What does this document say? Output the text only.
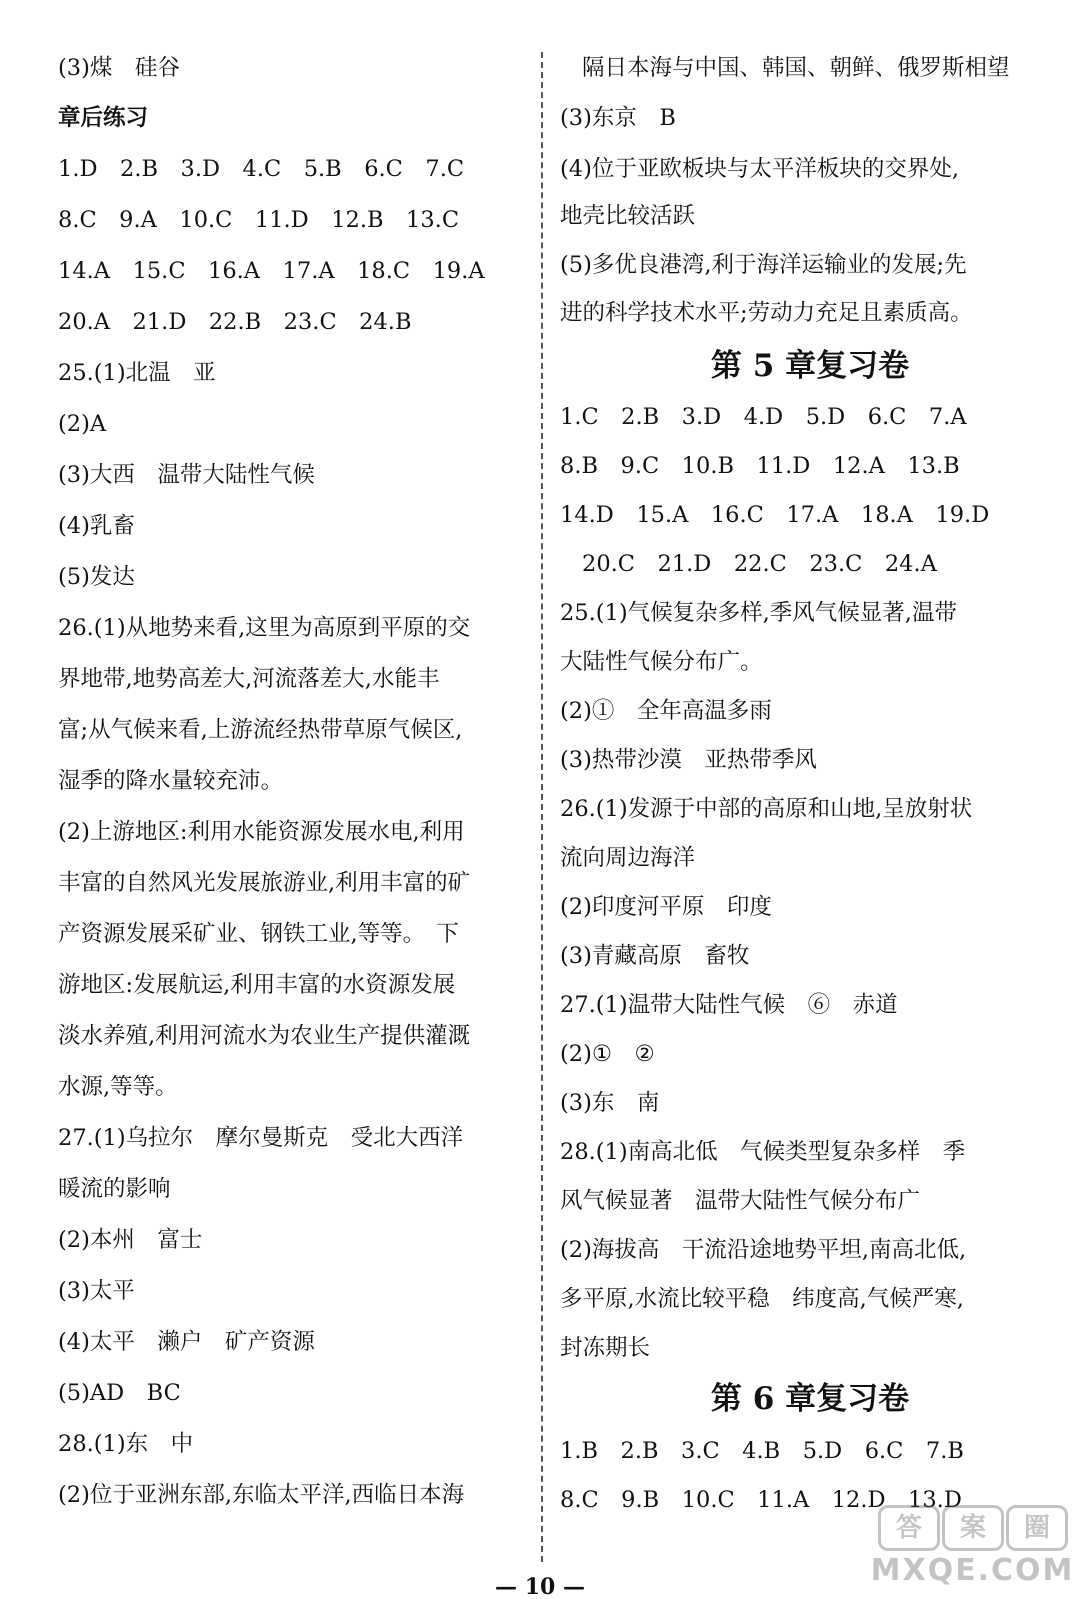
(3)煤　硅谷
章后练习
1.D　2.B　3.D　4.C　5.B　6.C　7.C
8.C　9.A　10.C　11.D　12.B　13.C
14.A　15.C　16.A　17.A　18.C　19.A
20.A　21.D　22.B　23.C　24.B
25.(1)北温　亚
(2)A
(3)大西　温带大陆性气候
(4)乳畜
(5)发达
26.(1)从地势来看,这里为高原到平原的交
界地带,地势高差大,河流落差大,水能丰
富;从气候来看,上游流经热带草原气候区,
湿季的降水量较充沛。
(2)上游地区:利用水能资源发展水电,利用
丰富的自然风光发展旅游业,利用丰富的矿
产资源发展采矿业、钢铁工业,等等。　下
游地区:发展航运,利用丰富的水资源发展
淡水养殖,利用河流水为农业生产提供灌溉
水源,等等。
27.(1)乌拉尔　摩尔曼斯克　受北大西洋
暖流的影响
(2)本州　富士
(3)太平
(4)太平　濑户　矿产资源
(5)AD　BC
28.(1)东　中
(2)位于亚洲东部,东临太平洋,西临日本海
隔日本海与中国、韩国、朝鲜、俄罗斯相望
(3)东京　B
(4)位于亚欧板块与太平洋板块的交界处,
地壳比较活跃
(5)多优良港湾,利于海洋运输业的发展;先
进的科学技术水平;劳动力充足且素质高。
第 5 章复习卷
1.C　2.B　3.D　4.D　5.D　6.C　7.A
8.B　9.C　10.B　11.D　12.A　13.B
14.D　15.A　16.C　17.A　18.A　19.D
20.C　21.D　22.C　23.C　24.A
25.(1)气候复杂多样,季风气候显著,温带
大陆性气候分布广。
(2)①　全年高温多雨
(3)热带沙漠　亚热带季风
26.(1)发源于中部的高原和山地,呈放射状
流向周边海洋
(2)印度河平原　印度
(3)青藏高原　畜牧
27.(1)温带大陆性气候　⑥　赤道
(2)①　②
(3)东　南
28.(1)南高北低　气候类型复杂多样　季
风气候显著　温带大陆性气候分布广
(2)海拔高　干流沿途地势平坦,南高北低,
多平原,水流比较平稳　纬度高,气候严寒,
封冻期长
第 6 章复习卷
1.B　2.B　3.C　4.B　5.D　6.C　7.B
8.C　9.B　10.C　11.A　12.D　13.D
答	案	圈
MXQE.COM
— 10 —
